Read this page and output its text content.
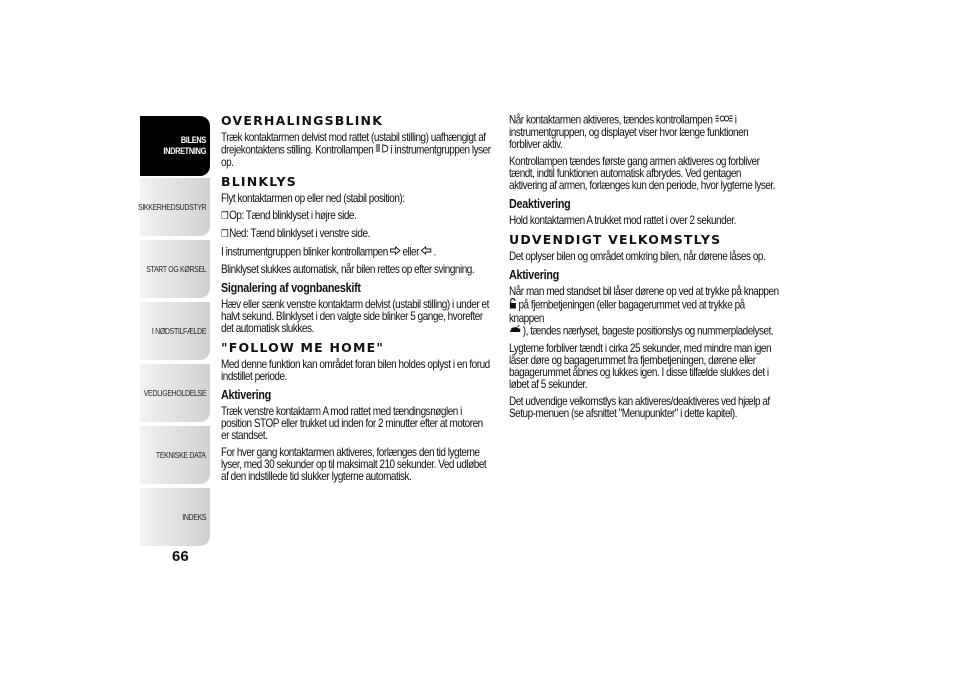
BILENS
INDRETNING
SIKKERHEDSUDSTYR
START OG KØRSEL
I NØDSTILFÆLDE
VEDLIGEHOLDELSE
TEKNISKE DATA
INDEKS
66
OVERHALINGSBLINK

Træk kontaktarmen delvist mod rattet (ustabil stilling) uafhængigt af drejekontaktens stilling. Kontrollampen i instrumentgruppen lyser op.

BLINKLYS

Flyt kontaktarmen op eller ned (stabil position):

❒Op: Tænd blinklyset i højre side.

❒Ned: Tænd blinklyset i venstre side.

I instrumentgruppen blinker kontrollampen eller .

Blinklyset slukkes automatisk, når bilen rettes op efter svingning.

Signalering af vognbaneskift

Hæv eller sænk venstre kontaktarm delvist (ustabil stilling) i under et halvt sekund. Blinklyset i den valgte side blinker 5 gange, hvorefter det automatisk slukkes.

"FOLLOW ME HOME"

Med denne funktion kan området foran bilen holdes oplyst i en forud indstillet periode.

Aktivering

Træk venstre kontaktarm A mod rattet med tændingsnøglen i position STOP eller trukket ud inden for 2 minutter efter at motoren er standset.

For hver gang kontaktarmen aktiveres, forlænges den tid lygterne lyser, med 30 sekunder op til maksimalt 210 sekunder. Ved udløbet af den indstillede tid slukker lygterne automatisk.

Når kontaktarmen aktiveres, tændes kontrollampen i instrumentgruppen, og displayet viser hvor længe funktionen forbliver aktiv.

Kontrollampen tændes første gang armen aktiveres og forbliver tændt, indtil funktionen automatisk afbrydes. Ved gentagen aktivering af armen, forlænges kun den periode, hvor lygterne lyser.

Deaktivering

Hold kontaktarmen A trukket mod rattet i over 2 sekunder.

UDVENDIGT VELKOMSTLYS

Det oplyser bilen og området omkring bilen, når dørene låses op.

Aktivering

Når man med standset bil låser dørene op ved at trykke på knappen
på fjernbetjeningen (eller bagagerummet ved at trykke på knappen
), tændes nærlyset, bageste positionslys og nummerpladelyset.

Lygterne forbliver tændt i cirka 25 sekunder, med mindre man igen låser døre og bagagerummet fra fjernbetjeningen, dørene eller bagagerummet åbnes og lukkes igen. I disse tilfælde slukkes det i løbet af 5 sekunder.

Det udvendige velkomstlys kan aktiveres/deaktiveres ved hjælp af Setup-menuen (se afsnittet "Menupunkter" i dette kapitel).
